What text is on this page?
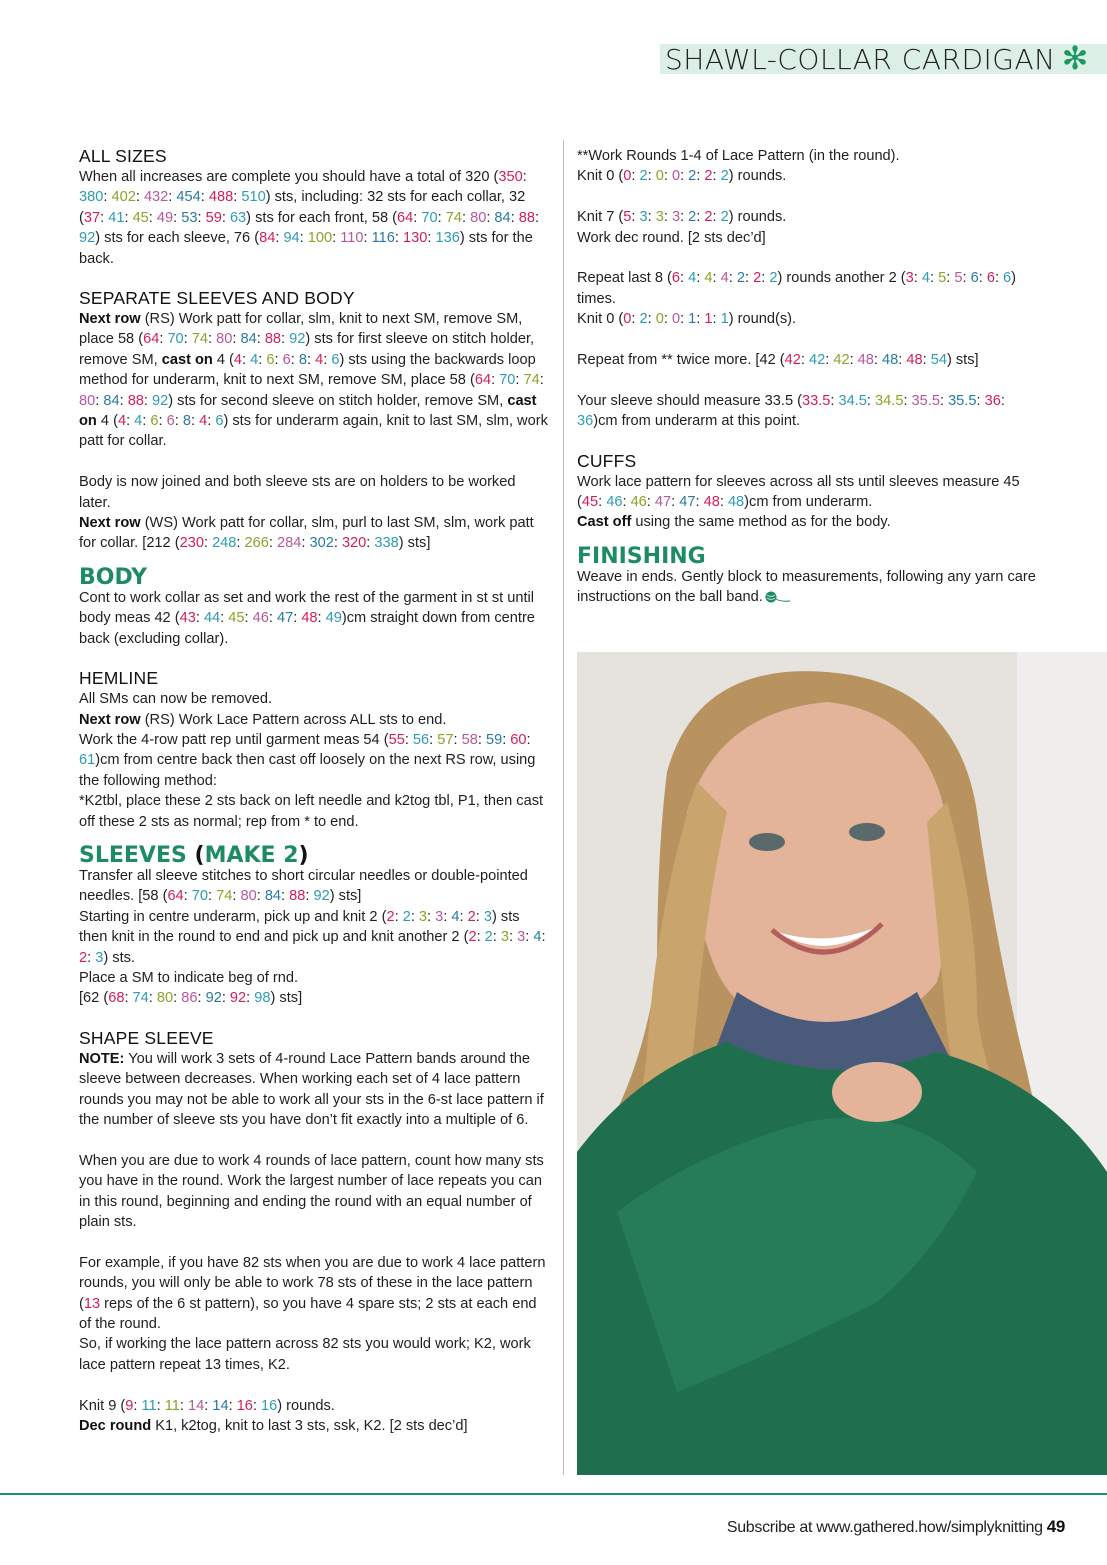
SHAWL-COLLAR CARDIGAN ✻
ALL SIZES

When all increases are complete you should have a total of 320 (350: 380: 402: 432: 454: 488: 510) sts, including: 32 sts for each collar, 32 (37: 41: 45: 49: 53: 59: 63) sts for each front, 58 (64: 70: 74: 80: 84: 88: 92) sts for each sleeve, 76 (84: 94: 100: 110: 116: 130: 136) sts for the back.

SEPARATE SLEEVES AND BODY

Next row (RS) Work patt for collar, slm, knit to next SM, remove SM, place 58 (64: 70: 74: 80: 84: 88: 92) sts for first sleeve on stitch holder, remove SM, cast on 4 (4: 4: 6: 6: 8: 4: 6) sts using the backwards loop method for underarm, knit to next SM, remove SM, place 58 (64: 70: 74: 80: 84: 88: 92) sts for second sleeve on stitch holder, remove SM, cast on 4 (4: 4: 6: 6: 8: 4: 6) sts for underarm again, knit to last SM, slm, work patt for collar.

Body is now joined and both sleeve sts are on holders to be worked later.

Next row (WS) Work patt for collar, slm, purl to last SM, slm, work patt for collar. [212 (230: 248: 266: 284: 302: 320: 338) sts]

BODY

Cont to work collar as set and work the rest of the garment in st st until body meas 42 (43: 44: 45: 46: 47: 48: 49)cm straight down from centre back (excluding collar).

HEMLINE

All SMs can now be removed.

Next row (RS) Work Lace Pattern across ALL sts to end.

Work the 4-row patt rep until garment meas 54 (55: 56: 57: 58: 59: 60: 61)cm from centre back then cast off loosely on the next RS row, using the following method:

*K2tbl, place these 2 sts back on left needle and k2tog tbl, P1, then cast off these 2 sts as normal; rep from * to end.

SLEEVES (MAKE 2)

Transfer all sleeve stitches to short circular needles or double-pointed needles. [58 (64: 70: 74: 80: 84: 88: 92) sts]

Starting in centre underarm, pick up and knit 2 (2: 2: 3: 3: 4: 2: 3) sts then knit in the round to end and pick up and knit another 2 (2: 2: 3: 3: 4: 2: 3) sts.

Place a SM to indicate beg of rnd.

[62 (68: 74: 80: 86: 92: 92: 98) sts]

SHAPE SLEEVE

NOTE: You will work 3 sets of 4-round Lace Pattern bands around the sleeve between decreases. When working each set of 4 lace pattern rounds you may not be able to work all your sts in the 6-st lace pattern if the number of sleeve sts you have don’t fit exactly into a multiple of 6.

When you are due to work 4 rounds of lace pattern, count how many sts you have in the round. Work the largest number of lace repeats you can in this round, beginning and ending the round with an equal number of plain sts.

For example, if you have 82 sts when you are due to work 4 lace pattern rounds, you will only be able to work 78 sts of these in the lace pattern (13 reps of the 6 st pattern), so you have 4 spare sts; 2 sts at each end of the round.

So, if working the lace pattern across 82 sts you would work; K2, work lace pattern repeat 13 times, K2.

Knit 9 (9: 11: 11: 14: 14: 16: 16) rounds.

Dec round K1, k2tog, knit to last 3 sts, ssk, K2. [2 sts dec’d]

**Work Rounds 1-4 of Lace Pattern (in the round).

Knit 0 (0: 2: 0: 0: 2: 2: 2) rounds.

Knit 7 (5: 3: 3: 3: 2: 2: 2) rounds.

Work dec round. [2 sts dec’d]

Repeat last 8 (6: 4: 4: 4: 2: 2: 2) rounds another 2 (3: 4: 5: 5: 6: 6: 6) times.

Knit 0 (0: 2: 0: 0: 1: 1: 1) round(s).

Repeat from ** twice more. [42 (42: 42: 42: 48: 48: 48: 54) sts]

Your sleeve should measure 33.5 (33.5: 34.5: 34.5: 35.5: 35.5: 36: 36)cm from underarm at this point.

CUFFS

Work lace pattern for sleeves across all sts until sleeves measure 45 (45: 46: 46: 47: 47: 48: 48)cm from underarm.

Cast off using the same method as for the body.

FINISHING

Weave in ends. Gently block to measurements, following any yarn care instructions on the ball band.

Subscribe at www.gathered.how/simplyknitting 49
